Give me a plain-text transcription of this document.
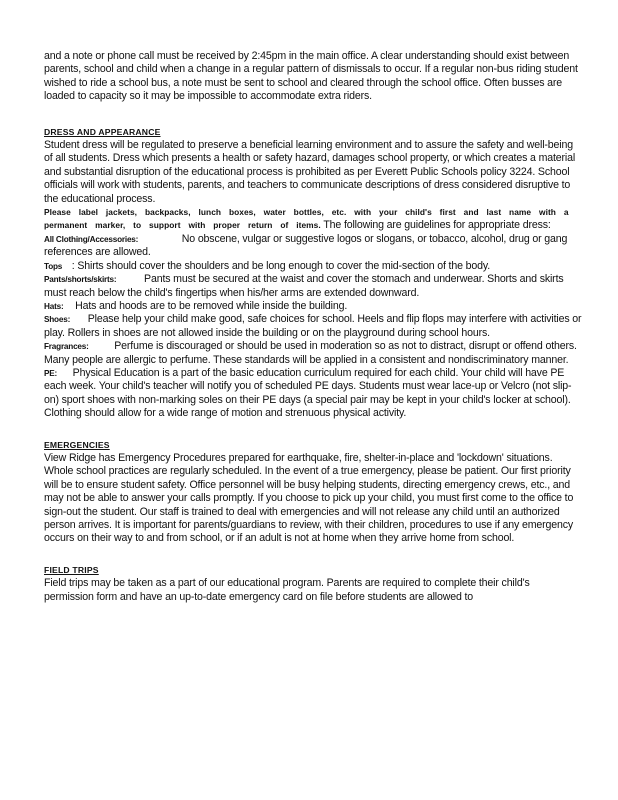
and a note or phone call must be received by 2:45pm in the main office. A clear understanding should exist between parents, school and child when a change in a regular pattern of dismissals to occur. If a regular non-bus riding student wished to ride a school bus, a note must be sent to school and cleared through the school office. Often busses are loaded to capacity so it may be impossible to accommodate extra riders.

DRESS AND APPEARANCE

Student dress will be regulated to preserve a beneficial learning environment and to assure the safety and well-being of all students. Dress which presents a health or safety hazard, damages school property, or which creates a material and substantial disruption of the educational process is prohibited as per Everett Public Schools policy 3224. School officials will work with students, parents, and teachers to communicate descriptions of dress considered disruptive to the educational process.

Please label jackets, backpacks, lunch boxes, water bottles, etc. with your child's first and last name with a permanent marker, to support with proper return of items. The following are guidelines for appropriate dress:

All Clothing/Accessories:	No obscene, vulgar or suggestive logos or slogans, or tobacco, alcohol, drug or gang references are allowed.

Tops : Shirts should cover the shoulders and be long enough to cover the mid-section of the body.

Pants/shorts/skirts:	Pants must be secured at the waist and cover the stomach and underwear. Shorts and skirts must reach below the child's fingertips when his/her arms are extended downward.

Hats: Hats and hoods are to be removed while inside the building.

Shoes: Please help your child make good, safe choices for school. Heels and flip flops may interfere with activities or play. Rollers in shoes are not allowed inside the building or on the playground during school hours.

Fragrances: Perfume is discouraged or should be used in moderation so as not to distract, disrupt or offend others. Many people are allergic to perfume. These standards will be applied in a consistent and nondiscriminatory manner.

PE: Physical Education is a part of the basic education curriculum required for each child. Your child will have PE each week. Your child's teacher will notify you of scheduled PE days. Students must wear lace-up or Velcro (not slip-on) sport shoes with non-marking soles on their PE days (a special pair may be kept in your child's locker at school). Clothing should allow for a wide range of motion and strenuous physical activity.

EMERGENCIES

View Ridge has Emergency Procedures prepared for earthquake, fire, shelter-in-place and 'lockdown' situations. Whole school practices are regularly scheduled. In the event of a true emergency, please be patient. Our first priority will be to ensure student safety. Office personnel will be busy helping students, directing emergency crews, etc., and may not be able to answer your calls promptly. If you choose to pick up your child, you must first come to the office to sign-out the student. Our staff is trained to deal with emergencies and will not release any child until an authorized person arrives. It is important for parents/guardians to review, with their children, procedures to use if any emergency occurs on their way to and from school, or if an adult is not at home when they arrive home from school.

FIELD TRIPS

Field trips may be taken as a part of our educational program. Parents are required to complete their child's permission form and have an up-to-date emergency card on file before students are allowed to
